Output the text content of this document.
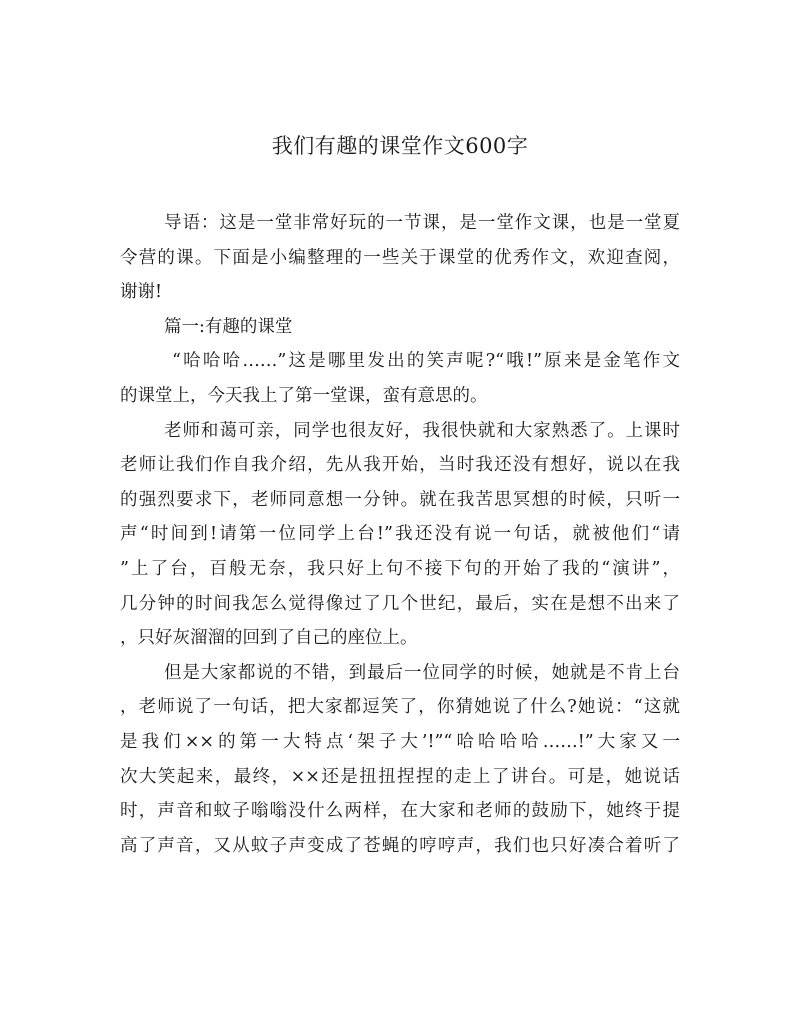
我们有趣的课堂作文600字
导语：这是一堂非常好玩的一节课，是一堂作文课，也是一堂夏
令营的课。下面是小编整理的一些关于课堂的优秀作文，欢迎查阅，
谢谢!
篇一:有趣的课堂
“哈哈哈……”这是哪里发出的笑声呢?“哦!”原来是金笔作文
的课堂上，今天我上了第一堂课，蛮有意思的。
老师和蔼可亲，同学也很友好，我很快就和大家熟悉了。上课时
老师让我们作自我介绍，先从我开始，当时我还没有想好，说以在我
的强烈要求下，老师同意想一分钟。就在我苦思冥想的时候，只听一
声“时间到!请第一位同学上台!”我还没有说一句话，就被他们“请
”上了台，百般无奈，我只好上句不接下句的开始了我的“演讲”，
几分钟的时间我怎么觉得像过了几个世纪，最后，实在是想不出来了
，只好灰溜溜的回到了自己的座位上。
但是大家都说的不错，到最后一位同学的时候，她就是不肯上台
，老师说了一句话，把大家都逗笑了，你猜她说了什么?她说：“这就
是我们××的第一大特点‘架子大’!”“哈哈哈哈……!”大家又一
次大笑起来，最终，××还是扭扭捏捏的走上了讲台。可是，她说话
时，声音和蚊子嗡嗡没什么两样，在大家和老师的鼓励下，她终于提
高了声音，又从蚊子声变成了苍蝇的哼哼声，我们也只好凑合着听了
